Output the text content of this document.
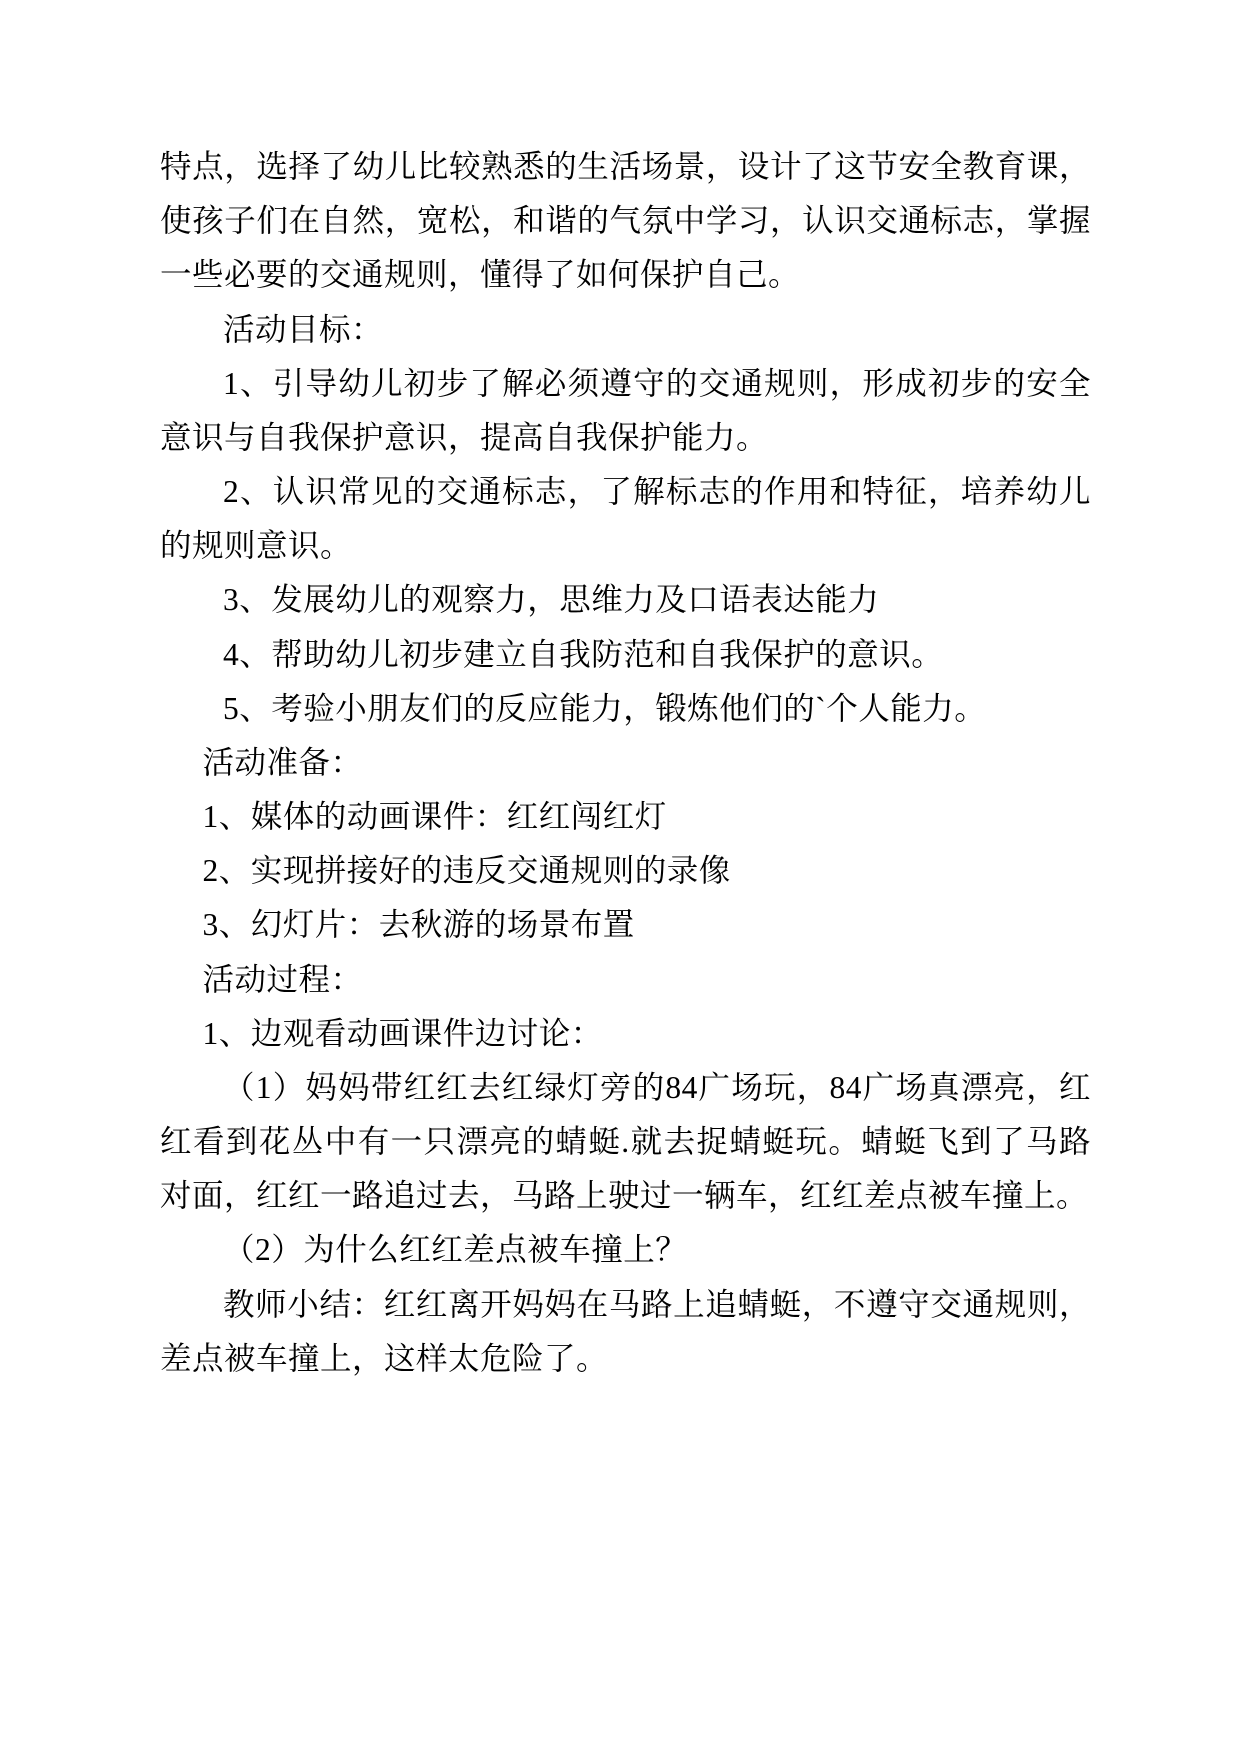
特点，选择了幼儿比较熟悉的生活场景，设计了这节安全教育课，使孩子们在自然，宽松，和谐的气氛中学习，认识交通标志，掌握一些必要的交通规则，懂得了如何保护自己。

活动目标：

1、引导幼儿初步了解必须遵守的交通规则，形成初步的安全意识与自我保护意识，提高自我保护能力。

2、认识常见的交通标志，了解标志的作用和特征，培养幼儿的规则意识。

3、发展幼儿的观察力，思维力及口语表达能力

4、帮助幼儿初步建立自我防范和自我保护的意识。

5、考验小朋友们的反应能力，锻炼他们的`个人能力。

活动准备：

1、媒体的动画课件：红红闯红灯

2、实现拼接好的违反交通规则的录像

3、幻灯片：去秋游的场景布置

活动过程：

1、边观看动画课件边讨论：

（1）妈妈带红红去红绿灯旁的84广场玩，84广场真漂亮，红红看到花丛中有一只漂亮的蜻蜓.就去捉蜻蜓玩。蜻蜓飞到了马路对面，红红一路追过去，马路上驶过一辆车，红红差点被车撞上。

（2）为什么红红差点被车撞上？

教师小结：红红离开妈妈在马路上追蜻蜓，不遵守交通规则，差点被车撞上，这样太危险了。
